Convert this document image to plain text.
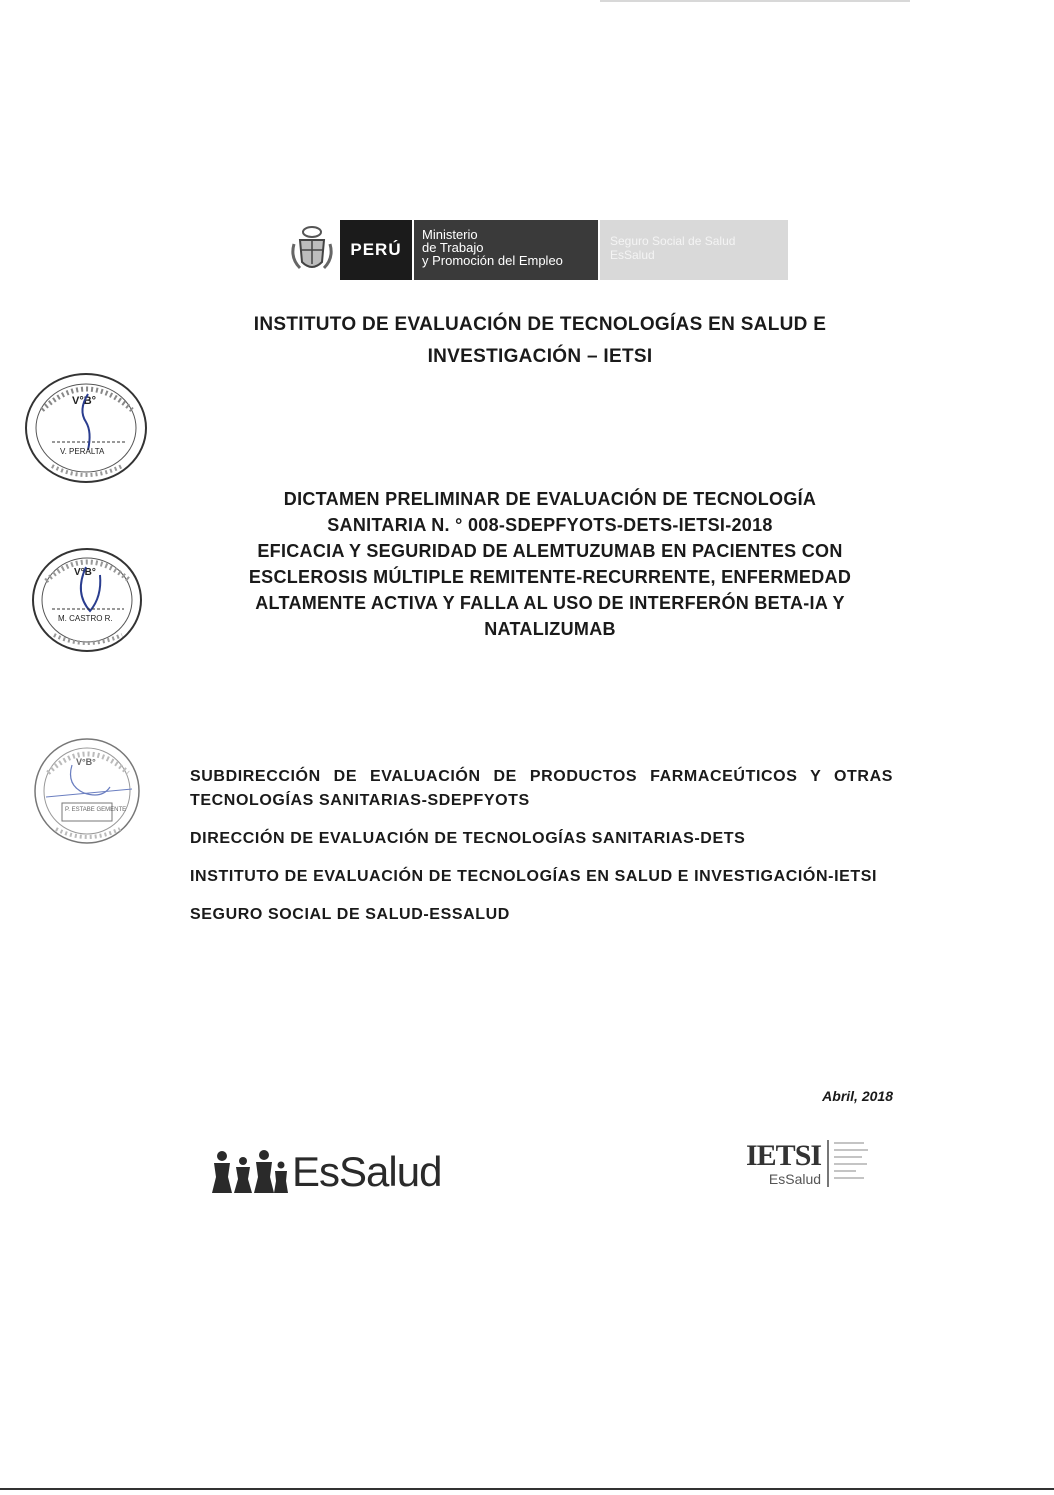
PERÚ
Ministerio
de Trabajo
y Promoción del Empleo
Seguro Social de Salud
EsSalud
INSTITUTO DE EVALUACIÓN DE TECNOLOGÍAS EN SALUD E
INVESTIGACIÓN – IETSI
V°B°
V. PERALTA

DICTAMEN PRELIMINAR DE EVALUACIÓN DE TECNOLOGÍA

SANITARIA N. ° 008-SDEPFYOTS-DETS-IETSI-2018

EFICACIA Y SEGURIDAD DE ALEMTUZUMAB EN PACIENTES CON

ESCLEROSIS MÚLTIPLE REMITENTE-RECURRENTE, ENFERMEDAD

ALTAMENTE ACTIVA Y FALLA AL USO DE INTERFERÓN BETA-IA Y

NATALIZUMAB

V°B°
M. CASTRO R.
V°B°
P. ESTABE GEMENTE

SUBDIRECCIÓN DE EVALUACIÓN DE PRODUCTOS FARMACEÚTICOS Y OTRAS TECNOLOGÍAS SANITARIAS-SDEPFYOTS

DIRECCIÓN DE EVALUACIÓN DE TECNOLOGÍAS SANITARIAS-DETS

INSTITUTO DE EVALUACIÓN DE TECNOLOGÍAS EN SALUD E INVESTIGACIÓN-IETSI

SEGURO SOCIAL DE SALUD-ESSALUD

Abril, 2018
EsSalud	IETSI
EsSalud
